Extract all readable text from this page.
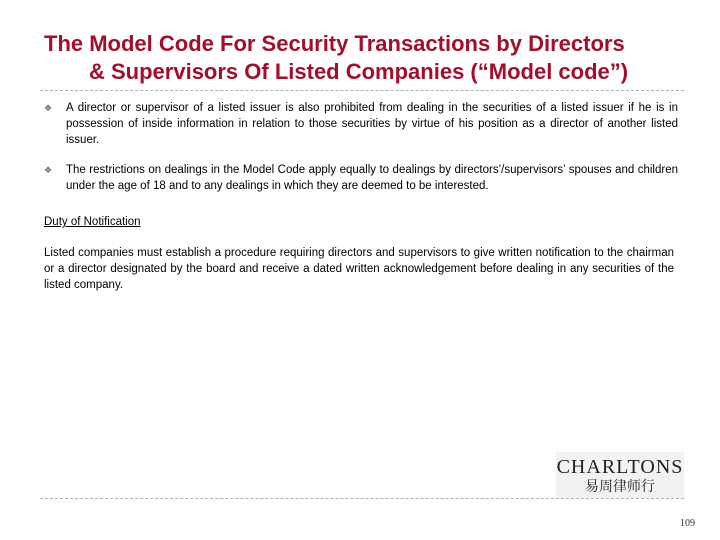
The Model Code For Security Transactions by Directors
& Supervisors Of Listed Companies (“Model code”)
❖ A director or supervisor of a listed issuer is also prohibited from dealing in the securities of a listed issuer if he is in possession of inside information in relation to those securities by virtue of his position as a director of another listed issuer.
❖ The restrictions on dealings in the Model Code apply equally to dealings by directors’/supervisors’ spouses and children under the age of 18 and to any dealings in which they are deemed to be interested.
Duty of Notification
Listed companies must establish a procedure requiring directors and supervisors to give written notification to the chairman or a director designated by the board and receive a dated written acknowledgement before dealing in any securities of the listed company.
CHARLTONS
易周律师行
109
